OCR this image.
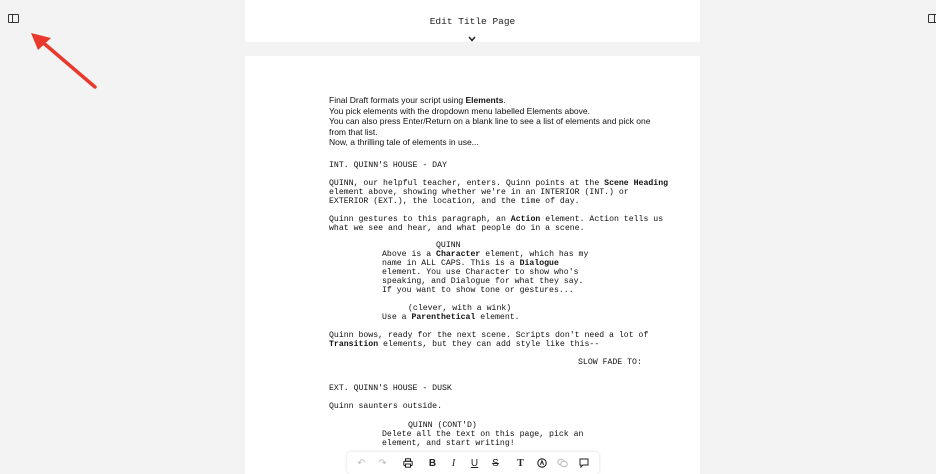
Edit Title Page

Final Draft formats your script using Elements.

You pick elements with the dropdown menu labelled Elements above.

You can also press Enter/Return on a blank line to see a list of elements and pick one from that list.

Now, a thrilling tale of elements in use...

INT. QUINN'S HOUSE - DAY

QUINN, our helpful teacher, enters. Quinn points at the Scene Heading element above, showing whether we're in an INTERIOR (INT.) or EXTERIOR (EXT.), the location, and the time of day.

Quinn gestures to this paragraph, an Action element. Action tells us what we see and hear, and what people do in a scene.

QUINN

Above is a Character element, which has my name in ALL CAPS. This is a Dialogue element. You use Character to show who's speaking, and Dialogue for what they say. If you want to show tone or gestures...

(clever, with a wink)

Use a Parenthetical element.

Quinn bows, ready for the next scene. Scripts don't need a lot of Transition elements, but they can add style like this--

SLOW FADE TO:
EXT. QUINN'S HOUSE - DUSK
Quinn saunters outside.
QUINN (CONT'D)
Delete all the text on this page, pick an element, and start writing!
↶	↷	B	I	U	S	T
